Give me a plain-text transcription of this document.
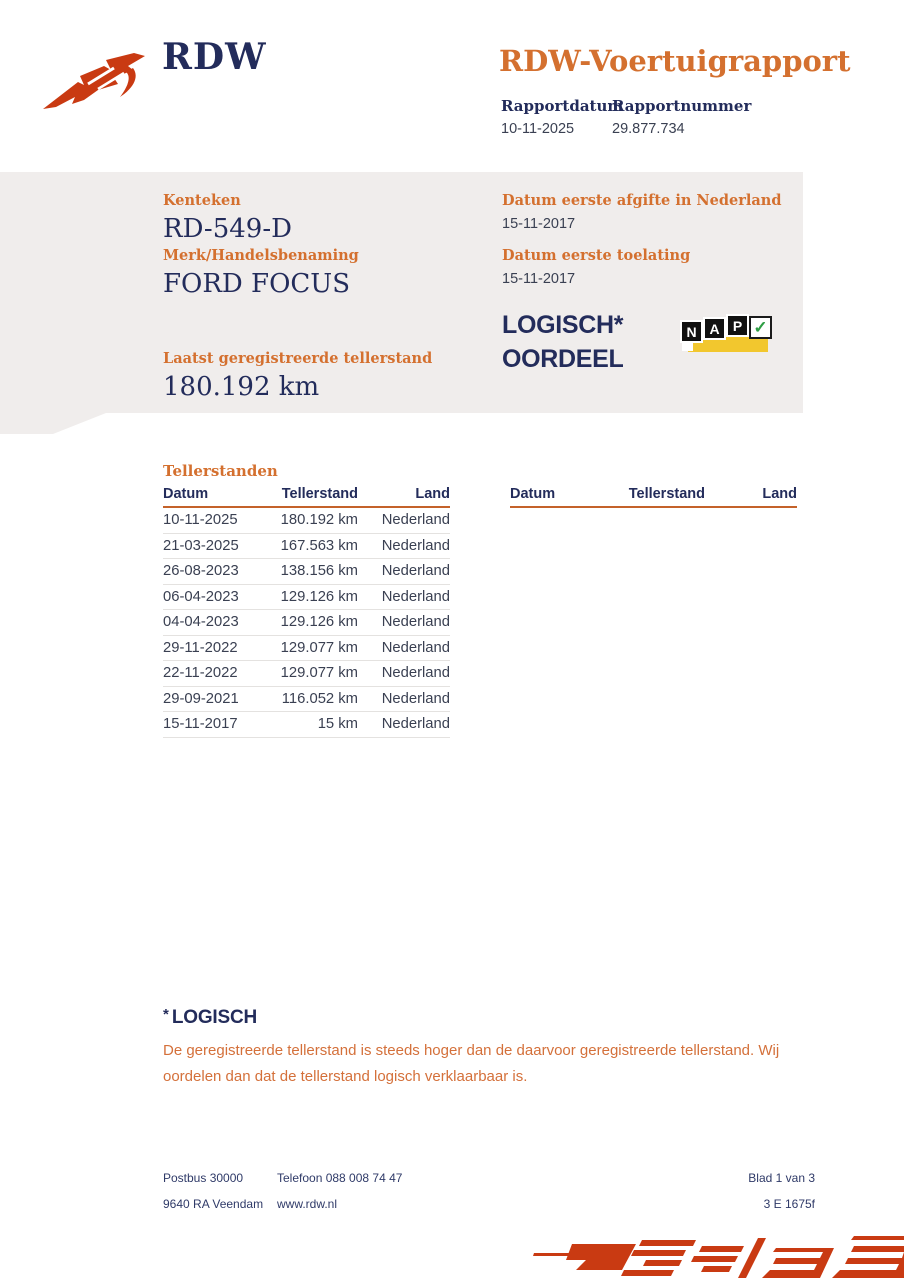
RDW	RDW-Voertuigrapport
Rapportdatum
10-11-2025
Rapportnummer
29.877.734
Kenteken
RD-549-D
Merk/Handelsbenaming
FORD FOCUS
Laatst geregistreerde tellerstand
180.192 km
Datum eerste afgifte in Nederland
15-11-2017
Datum eerste toelating
15-11-2017
LOGISCH*
OORDEEL
N A P ✓
Tellerstanden
Datum	Tellerstand	Land
10-11-2025	180.192 km	Nederland
21-03-2025	167.563 km	Nederland
26-08-2023	138.156 km	Nederland
06-04-2023	129.126 km	Nederland
04-04-2023	129.126 km	Nederland
29-11-2022	129.077 km	Nederland
22-11-2022	129.077 km	Nederland
29-09-2021	116.052 km	Nederland
15-11-2017	15 km	Nederland
Datum	Tellerstand	Land
* LOGISCH
De geregistreerde tellerstand is steeds hoger dan de daarvoor geregistreerde tellerstand. Wij oordelen dan dat de tellerstand logisch verklaarbaar is.
Postbus 30000	Telefoon 088 008 74 47	Blad 1 van 3
9640 RA Veendam	www.rdw.nl	3 E 1675f
